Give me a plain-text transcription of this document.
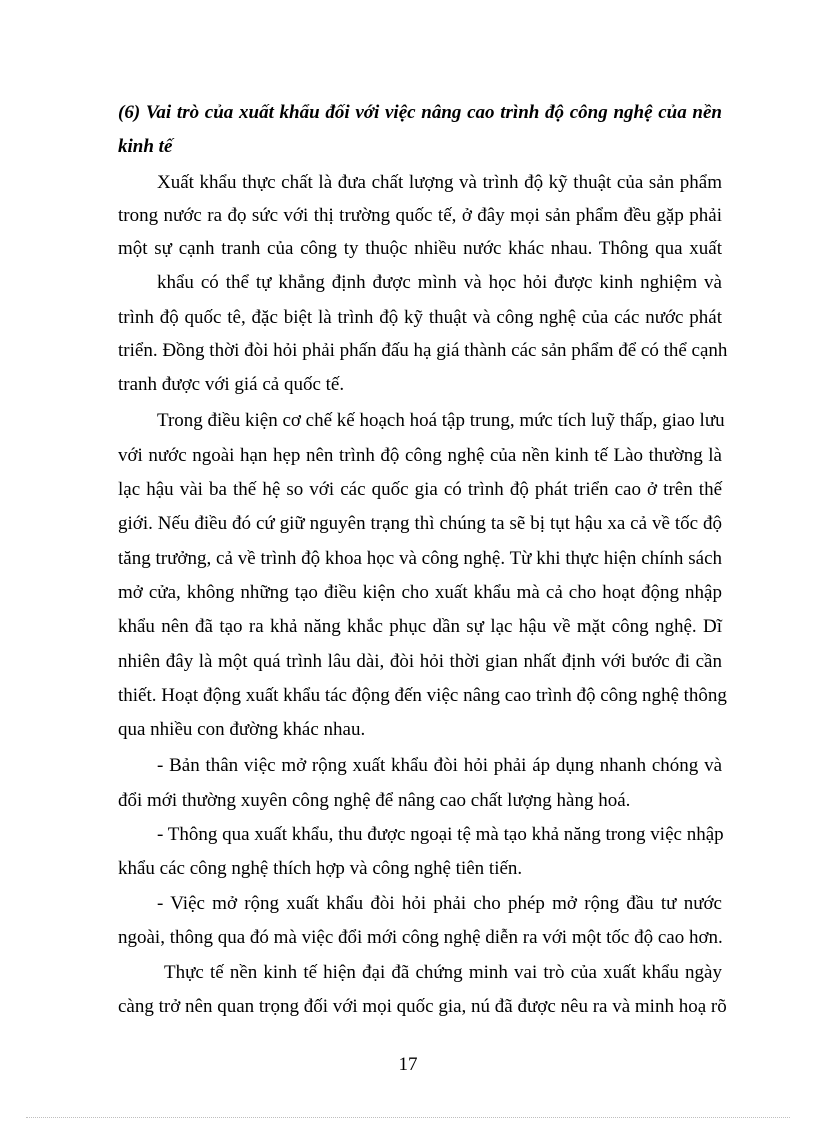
(6) Vai trò của xuất khẩu đối với việc nâng cao trình độ công nghệ của nền
kinh tế
Xuất khẩu thực chất là đưa chất lượng và trình độ kỹ thuật của sản phẩm
trong nước ra đọ sức với thị trường quốc tế, ở đây mọi sản phẩm đều gặp phải
một sự cạnh tranh của công ty thuộc nhiều nước khác nhau. Thông qua xuất
khẩu có thể tự khẳng định được mình và học hỏi được kinh nghiệm và
trình độ quốc tê, đặc biệt là trình độ kỹ thuật và công nghệ của các nước phát
triển. Đồng thời đòi hỏi phải phấn đấu hạ giá thành các sản phẩm để có thể cạnh
tranh được với giá cả quốc tế.
Trong điều kiện cơ chế kế hoạch hoá tập trung, mức tích luỹ thấp, giao lưu
với nước ngoài hạn hẹp nên trình độ công nghệ của nền kinh tế Lào thường là
lạc hậu vài ba thế hệ so với các quốc gia có trình độ phát triển cao ở trên thế
giới. Nếu điều đó cứ giữ nguyên trạng thì chúng ta sẽ bị tụt hậu xa cả về tốc độ
tăng trưởng, cả về trình độ khoa học và công nghệ. Từ khi thực hiện chính sách
mở cửa, không những tạo điều kiện cho xuất khẩu mà cả cho hoạt động nhập
khẩu nên đã tạo ra khả năng khắc phục dần sự lạc hậu về mặt công nghệ. Dĩ
nhiên đây là một quá trình lâu dài, đòi hỏi thời gian nhất định với bước đi cần
thiết. Hoạt động xuất khẩu tác động đến việc nâng cao trình độ công nghệ thông
qua nhiều con đường khác nhau.
- Bản thân việc mở rộng xuất khẩu đòi hỏi phải áp dụng nhanh chóng và
đổi mới thường xuyên công nghệ để nâng cao chất lượng hàng hoá.
- Thông qua xuất khẩu, thu được ngoại tệ mà tạo khả năng trong việc nhập
khẩu các công nghệ thích hợp và công nghệ tiên tiến.
- Việc mở rộng xuất khẩu đòi hỏi phải cho phép mở rộng đầu tư nước
ngoài, thông qua đó mà việc đổi mới công nghệ diễn ra với một tốc độ cao hơn.
Thực tế nền kinh tế hiện đại đã chứng minh vai trò của xuất khẩu ngày
càng trở nên quan trọng đối với mọi quốc gia, nú đã được nêu ra và minh hoạ rõ
17
